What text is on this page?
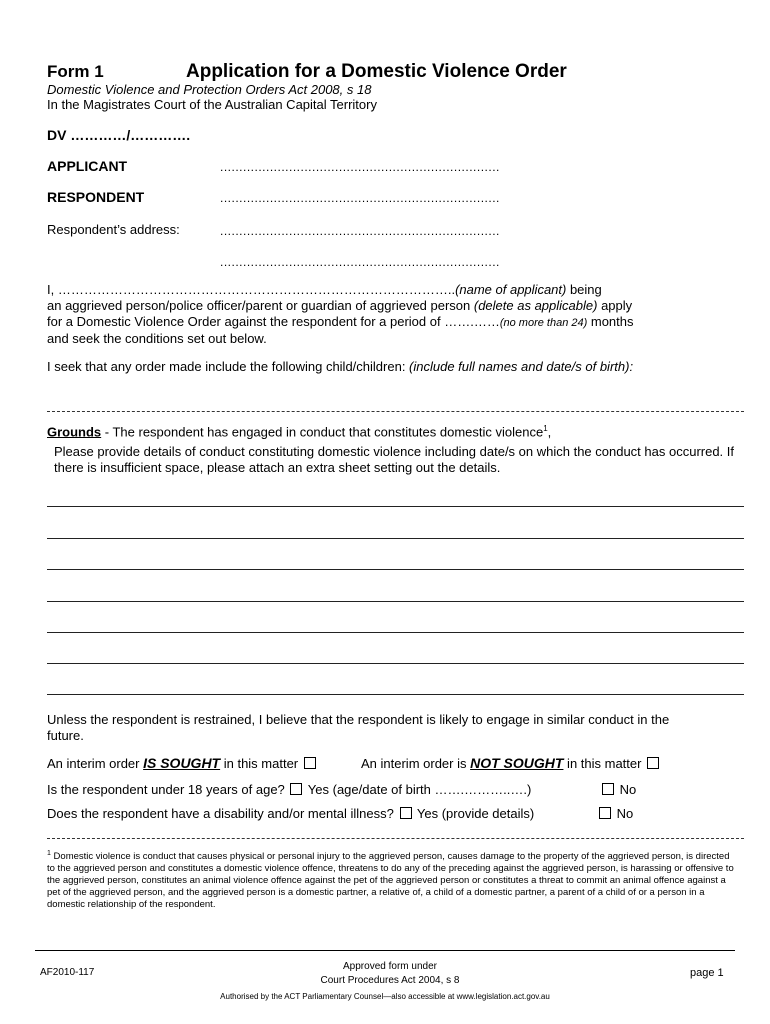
Form 1	Application for a Domestic Violence Order
Domestic Violence and Protection Orders Act 2008, s 18
In the Magistrates Court of the Australian Capital Territory
DV …………/………….
APPLICANT	.........................................................................
RESPONDENT	.........................................................................
Respondent’s address:	.........................................................................
.........................................................................
I, ………………………………………………………………………………..(name of applicant) being
an aggrieved person/police officer/parent or guardian of aggrieved person (delete as applicable) apply
for a Domestic Violence Order against the respondent for a period of …….……(no more than 24) months
and seek the conditions set out below.
I seek that any order made include the following child/children: (include full names and date/s of birth):
Grounds - The respondent has engaged in conduct that constitutes domestic violence$^1$,
Please provide details of conduct constituting domestic violence including date/s on which the conduct has occurred. If there is insufficient space, please attach an extra sheet setting out the details.
Unless the respondent is restrained, I believe that the respondent is likely to engage in similar conduct in the future.
An interim order IS SOUGHT in this matter	An interim order is NOT SOUGHT in this matter
Is the respondent under 18 years of age? Yes (age/date of birth …….………..….)	No
Does the respondent have a disability and/or mental illness? Yes (provide details)	No
$^1$ Domestic violence is conduct that causes physical or personal injury to the aggrieved person, causes damage to the property of the aggrieved person, is directed to the aggrieved person and constitutes a domestic violence offence, threatens to do any of the preceding against the aggrieved person, is harassing or offensive to the aggrieved person, constitutes an animal violence offence against the pet of the aggrieved person or constitutes a threat to commit an animal offence against a pet of the aggrieved person, and the aggrieved person is a domestic partner, a relative of, a child of a domestic partner, a parent of a child of or a person in a domestic relationship of the respondent.
AF2010-117
Approved form under
Court Procedures Act 2004, s 8
page 1
Authorised by the ACT Parliamentary Counsel—also accessible at www.legislation.act.gov.au
